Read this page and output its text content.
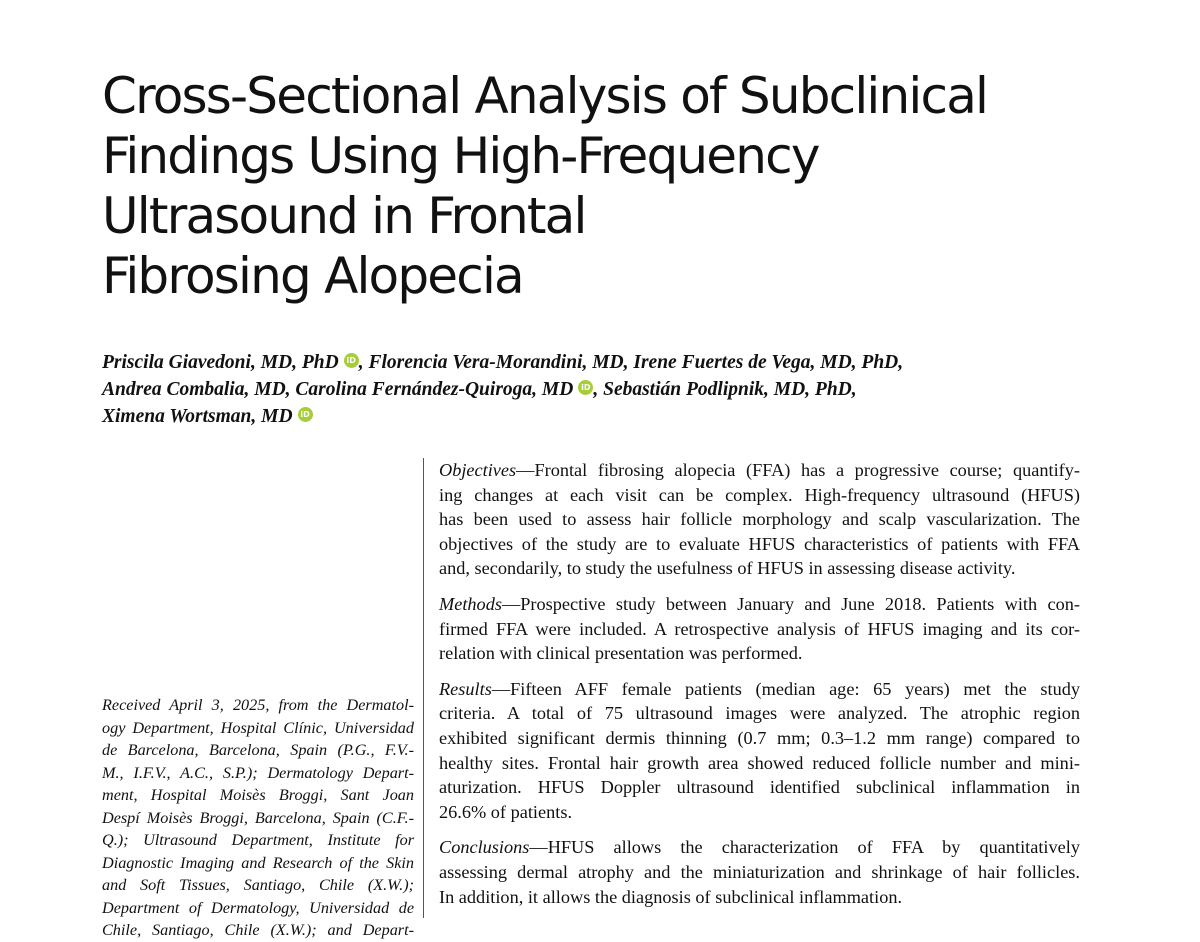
Cross-Sectional Analysis of Subclinical
Findings Using High-Frequency
Ultrasound in Frontal
Fibrosing Alopecia
Priscila Giavedoni, MD, PhD iD , Florencia Vera-Morandini, MD, Irene Fuertes de Vega, MD, PhD,
Andrea Combalia, MD, Carolina Fernández-Quiroga, MD iD , Sebastián Podlipnik, MD, PhD,
Ximena Wortsman, MD iD
Received April 3, 2025, from the Dermatol-
ogy Department, Hospital Clínic, Universidad
de Barcelona, Barcelona, Spain (P.G., F.V.-
M., I.F.V., A.C., S.P.); Dermatology Depart-
ment, Hospital Moisès Broggi, Sant Joan
Despí Moisès Broggi, Barcelona, Spain (C.F.-
Q.); Ultrasound Department, Institute for
Diagnostic Imaging and Research of the Skin
and Soft Tissues, Santiago, Chile (X.W.);
Department of Dermatology, Universidad de
Chile, Santiago, Chile (X.W.); and Depart-
Objectives—Frontal fibrosing alopecia (FFA) has a progressive course; quantify-
ing changes at each visit can be complex. High-frequency ultrasound (HFUS)
has been used to assess hair follicle morphology and scalp vascularization. The
objectives of the study are to evaluate HFUS characteristics of patients with FFA
and, secondarily, to study the usefulness of HFUS in assessing disease activity.
Methods—Prospective study between January and June 2018. Patients with con-
firmed FFA were included. A retrospective analysis of HFUS imaging and its cor-
relation with clinical presentation was performed.
Results—Fifteen AFF female patients (median age: 65 years) met the study
criteria. A total of 75 ultrasound images were analyzed. The atrophic region
exhibited significant dermis thinning (0.7 mm; 0.3–1.2 mm range) compared to
healthy sites. Frontal hair growth area showed reduced follicle number and mini-
aturization. HFUS Doppler ultrasound identified subclinical inflammation in
26.6% of patients.
Conclusions—HFUS allows the characterization of FFA by quantitatively
assessing dermal atrophy and the miniaturization and shrinkage of hair follicles.
In addition, it allows the diagnosis of subclinical inflammation.
